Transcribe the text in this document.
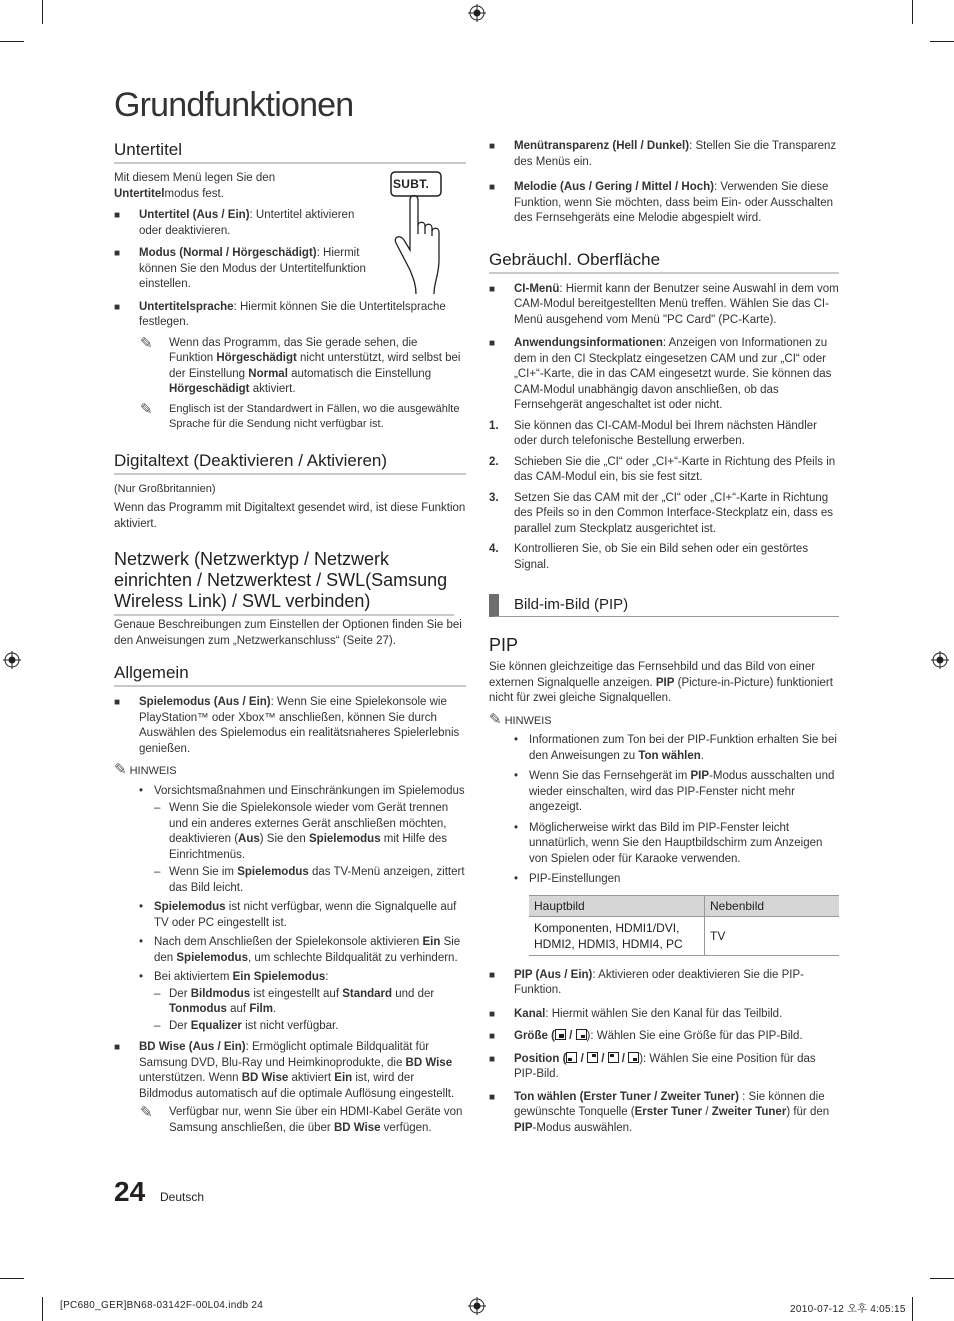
Grundfunktionen
Untertitel
SUBT.

Mit diesem Menü legen Sie den Untertitelmodus fest.

■ Untertitel (Aus / Ein): Untertitel aktivieren oder deaktivieren.

■ Modus (Normal / Hörgeschädigt): Hiermit können Sie den Modus der Untertitelfunktion einstellen.

■ Untertitelsprache: Hiermit können Sie die Untertitelsprache festlegen.

✎ Wenn das Programm, das Sie gerade sehen, die Funktion Hörgeschädigt nicht unterstützt, wird selbst bei der Einstellung Normal automatisch die Einstellung Hörgeschädigt aktiviert.

✎ Englisch ist der Standardwert in Fällen, wo die ausgewählte Sprache für die Sendung nicht verfügbar ist.

Digitaltext (Deaktivieren / Aktivieren)

(Nur Großbritannien)

Wenn das Programm mit Digitaltext gesendet wird, ist diese Funktion aktiviert.

Netzwerk (Netzwerktyp / Netzwerk einrichten / Netzwerktest / SWL(Samsung Wireless Link) / SWL verbinden)

Genaue Beschreibungen zum Einstellen der Optionen finden Sie bei den Anweisungen zum „Netzwerkanschluss“ (Seite 27).

Allgemein

■ Spielemodus (Aus / Ein): Wenn Sie eine Spielekonsole wie PlayStation™ oder Xbox™ anschließen, können Sie durch Auswählen des Spielemodus ein realitätsnaheres Spielerlebnis genießen.

✎ HINWEIS

• Vorsichtsmaßnahmen und Einschränkungen im Spielemodus

– Wenn Sie die Spielekonsole wieder vom Gerät trennen und ein anderes externes Gerät anschließen möchten, deaktivieren (Aus) Sie den Spielemodus mit Hilfe des Einrichtmenüs.

– Wenn Sie im Spielemodus das TV-Menü anzeigen, zittert das Bild leicht.

• Spielemodus ist nicht verfügbar, wenn die Signalquelle auf TV oder PC eingestellt ist.

• Nach dem Anschließen der Spielekonsole aktivieren Ein Sie den Spielemodus, um schlechte Bildqualität zu verhindern.

• Bei aktiviertem Ein Spielemodus:

– Der Bildmodus ist eingestellt auf Standard und der Tonmodus auf Film.

– Der Equalizer ist nicht verfügbar.

■ BD Wise (Aus / Ein): Ermöglicht optimale Bildqualität für Samsung DVD, Blu-Ray und Heimkinoprodukte, die BD Wise unterstützen. Wenn BD Wise aktiviert Ein ist, wird der Bildmodus automatisch auf die optimale Auflösung eingestellt.

✎ Verfügbar nur, wenn Sie über ein HDMI-Kabel Geräte von Samsung anschließen, die über BD Wise verfügen.

24 Deutsch

■ Menütransparenz (Hell / Dunkel): Stellen Sie die Transparenz des Menüs ein.

■ Melodie (Aus / Gering / Mittel / Hoch): Verwenden Sie diese Funktion, wenn Sie möchten, dass beim Ein- oder Ausschalten des Fernsehgeräts eine Melodie abgespielt wird.

Gebräuchl. Oberfläche

■ CI-Menü: Hiermit kann der Benutzer seine Auswahl in dem vom CAM-Modul bereitgestellten Menü treffen. Wählen Sie das CI-Menü ausgehend vom Menü "PC Card" (PC-Karte).

■ Anwendungsinformationen: Anzeigen von Informationen zu dem in den CI Steckplatz eingesetzen CAM und zur „CI“ oder „CI+“-Karte, die in das CAM eingesetzt wurde. Sie können das CAM-Modul unabhängig davon anschließen, ob das Fernsehgerät angeschaltet ist oder nicht.

1. Sie können das CI-CAM-Modul bei Ihrem nächsten Händler oder durch telefonische Bestellung erwerben.

2. Schieben Sie die „CI“ oder „CI+“-Karte in Richtung des Pfeils in das CAM-Modul ein, bis sie fest sitzt.

3. Setzen Sie das CAM mit der „CI“ oder „CI+“-Karte in Richtung des Pfeils so in den Common Interface-Steckplatz ein, dass es parallel zum Steckplatz ausgerichtet ist.

4. Kontrollieren Sie, ob Sie ein Bild sehen oder ein gestörtes Signal.

Bild-im-Bild (PIP)
PIP

Sie können gleichzeitige das Fernsehbild und das Bild von einer externen Signalquelle anzeigen. PIP (Picture-in-Picture) funktioniert nicht für zwei gleiche Signalquellen.

✎ HINWEIS

• Informationen zum Ton bei der PIP-Funktion erhalten Sie bei den Anweisungen zu Ton wählen.

• Wenn Sie das Fernsehgerät im PIP-Modus ausschalten und wieder einschalten, wird das PIP-Fenster nicht mehr angezeigt.

• Möglicherweise wirkt das Bild im PIP-Fenster leicht unnatürlich, wenn Sie den Hauptbildschirm zum Anzeigen von Spielen oder für Karaoke verwenden.

• PIP-Einstellungen

Hauptbild	Nebenbild
Komponenten, HDMI1/DVI, HDMI2, HDMI3, HDMI4, PC	TV

■ PIP (Aus / Ein): Aktivieren oder deaktivieren Sie die PIP-Funktion.

■ Kanal: Hiermit wählen Sie den Kanal für das Teilbild.

■ Größe (
/
): Wählen Sie eine Größe für das PIP-Bild.

■ Position (
/
/
/
): Wählen Sie eine Position für das PIP-Bild.

■ Ton wählen (Erster Tuner / Zweiter Tuner) : Sie können die gewünschte Tonquelle (Erster Tuner / Zweiter Tuner) für den PIP-Modus auswählen.

[PC680_GER]BN68-03142F-00L04.indb 24	2010-07-12 오후 4:05:15
